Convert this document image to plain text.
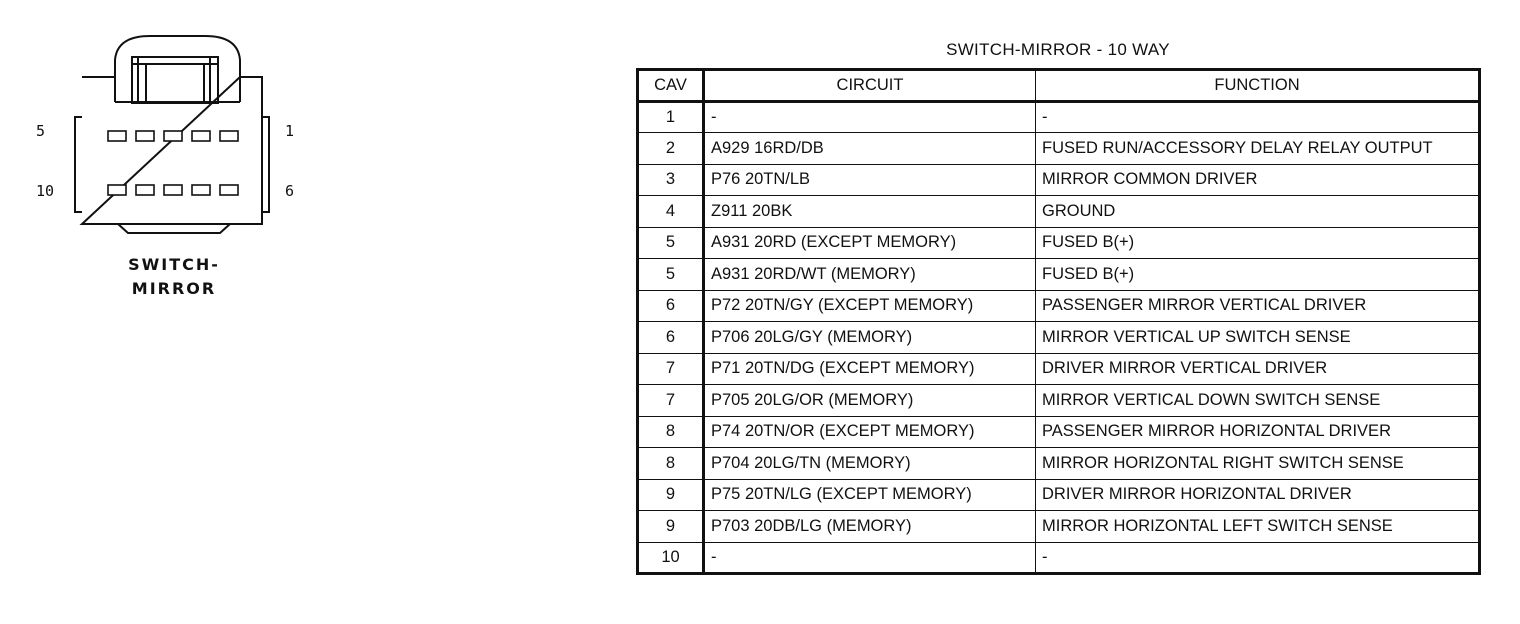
5	1
10	6
SWITCH-
MIRROR
SWITCH-MIRROR - 10 WAY
CAV	CIRCUIT	FUNCTION
1	-	-
2	A929 16RD/DB	FUSED RUN/ACCESSORY DELAY RELAY OUTPUT
3	P76 20TN/LB	MIRROR COMMON DRIVER
4	Z911 20BK	GROUND
5	A931 20RD (EXCEPT MEMORY)	FUSED B(+)
5	A931 20RD/WT (MEMORY)	FUSED B(+)
6	P72 20TN/GY (EXCEPT MEMORY)	PASSENGER MIRROR VERTICAL DRIVER
6	P706 20LG/GY (MEMORY)	MIRROR VERTICAL UP SWITCH SENSE
7	P71 20TN/DG (EXCEPT MEMORY)	DRIVER MIRROR VERTICAL DRIVER
7	P705 20LG/OR (MEMORY)	MIRROR VERTICAL DOWN SWITCH SENSE
8	P74 20TN/OR (EXCEPT MEMORY)	PASSENGER MIRROR HORIZONTAL DRIVER
8	P704 20LG/TN (MEMORY)	MIRROR HORIZONTAL RIGHT SWITCH SENSE
9	P75 20TN/LG (EXCEPT MEMORY)	DRIVER MIRROR HORIZONTAL DRIVER
9	P703 20DB/LG (MEMORY)	MIRROR HORIZONTAL LEFT SWITCH SENSE
10	-	-
